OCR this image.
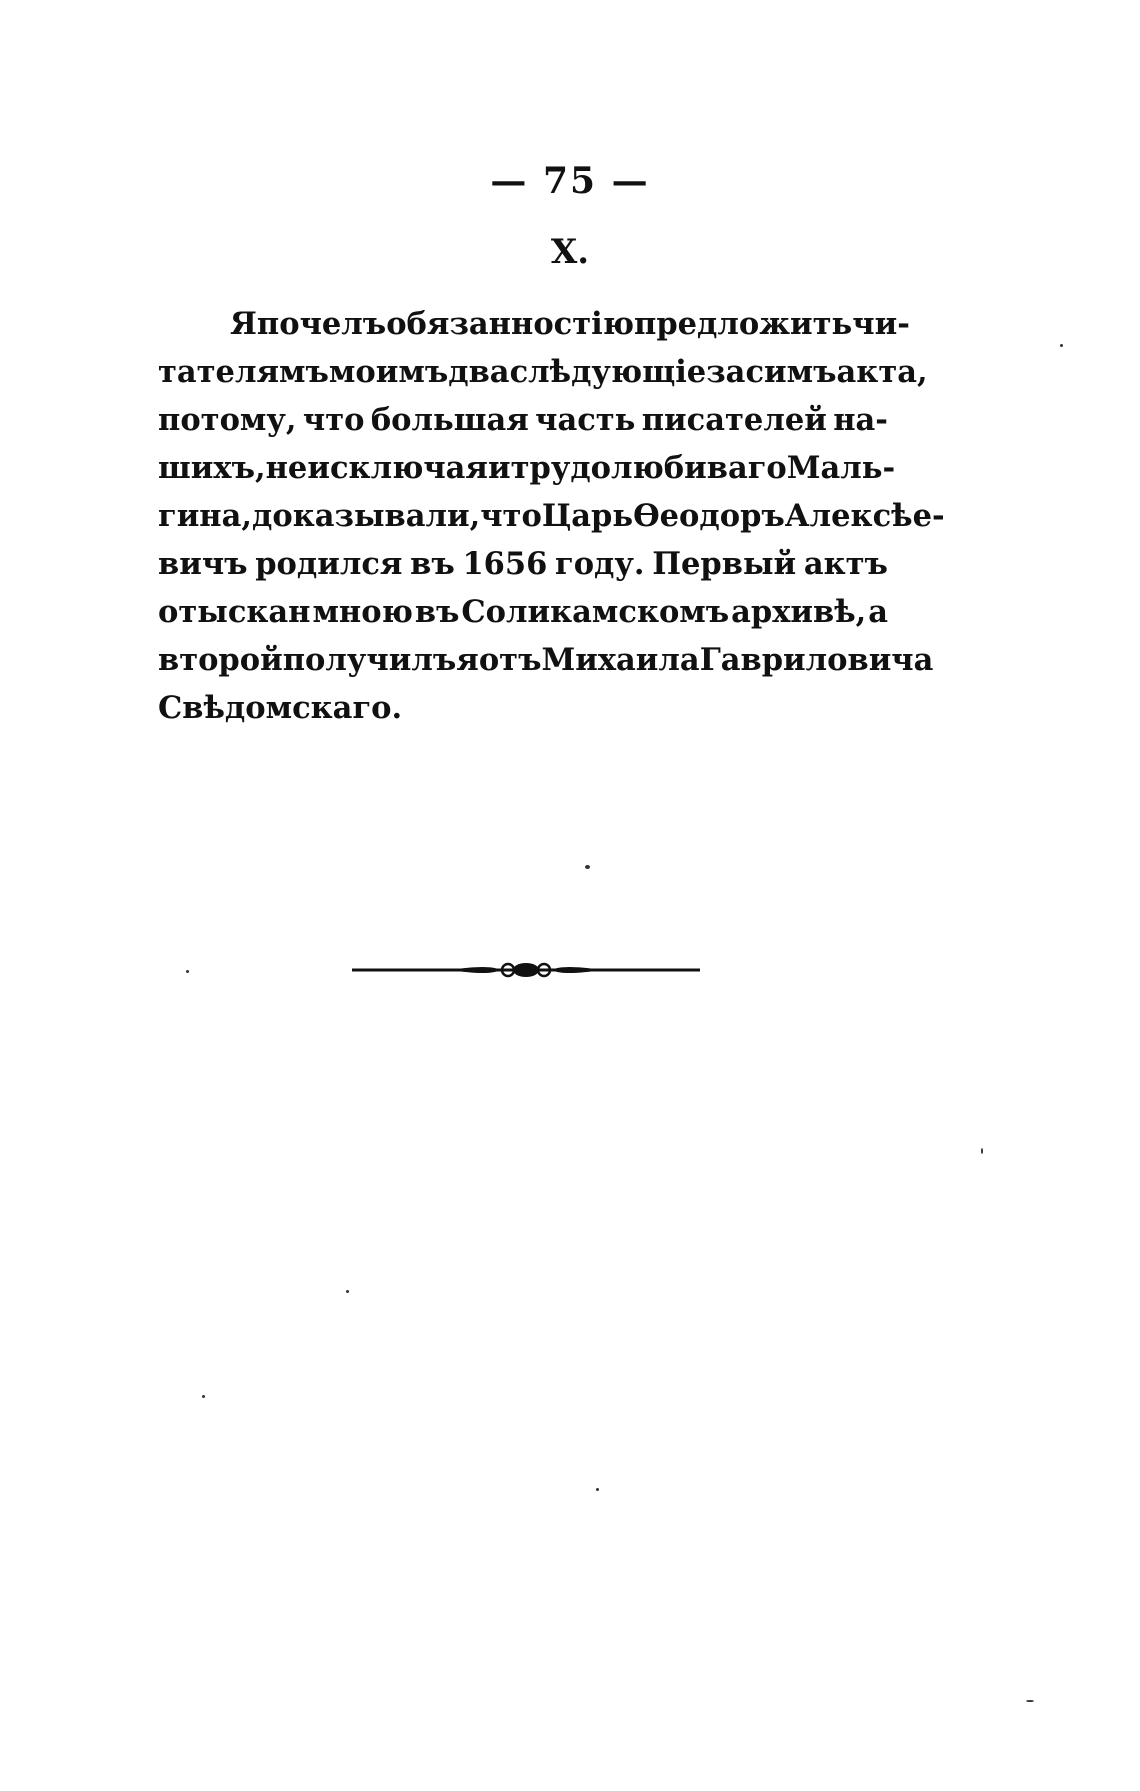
— 75 —
X.
Я почелъ обязанностію предложить чи-
тателямъ моимъ два слѣдующіе за симъ акта,
потому, что большая часть писателей на-
шихъ, не исключая и трудолюбиваго Маль-
гина, доказывали, что Царь Ѳеодоръ Алексѣе-
вичъ родился въ 1656 году. Первый актъ
отыскан мною въ Соликамскомъ архивѣ, а
второй получилъ я отъ Михаила Гавриловича
Свѣдомскаго.
